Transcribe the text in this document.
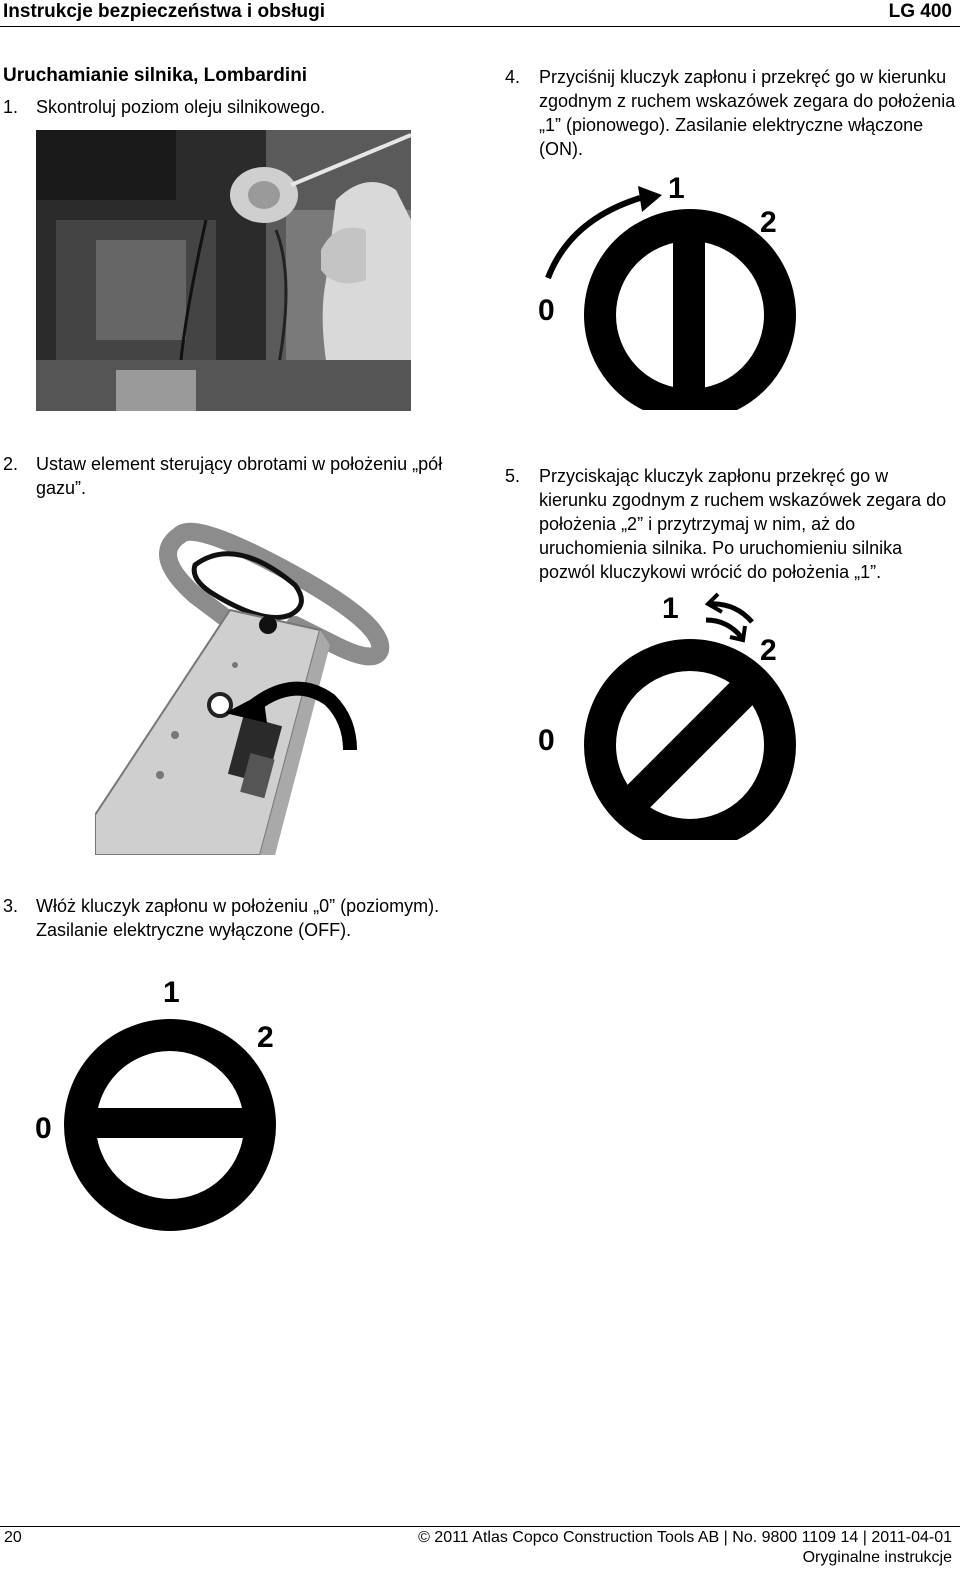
Instrukcje bezpieczeństwa i obsługi	LG 400
Uruchamianie silnika, Lombardini
1. Skontroluj poziom oleju silnikowego.
2. Ustaw element sterujący obrotami w położeniu „pół gazu”.
3. Włóż kluczyk zapłonu w położeniu „0” (poziomym). Zasilanie elektryczne wyłączone (OFF).
1
2
0
4. Przyciśnij kluczyk zapłonu i przekręć go w kierunku zgodnym z ruchem wskazówek zegara do położenia „1” (pionowego). Zasilanie elektryczne włączone (ON).
1
2
0
5. Przyciskając kluczyk zapłonu przekręć go w kierunku zgodnym z ruchem wskazówek zegara do położenia „2” i przytrzymaj w nim, aż do uruchomienia silnika. Po uruchomieniu silnika pozwól kluczykowi wrócić do położenia „1”.
1
2
0
20	© 2011 Atlas Copco Construction Tools AB | No. 9800 1109 14 | 2011-04-01
Oryginalne instrukcje
